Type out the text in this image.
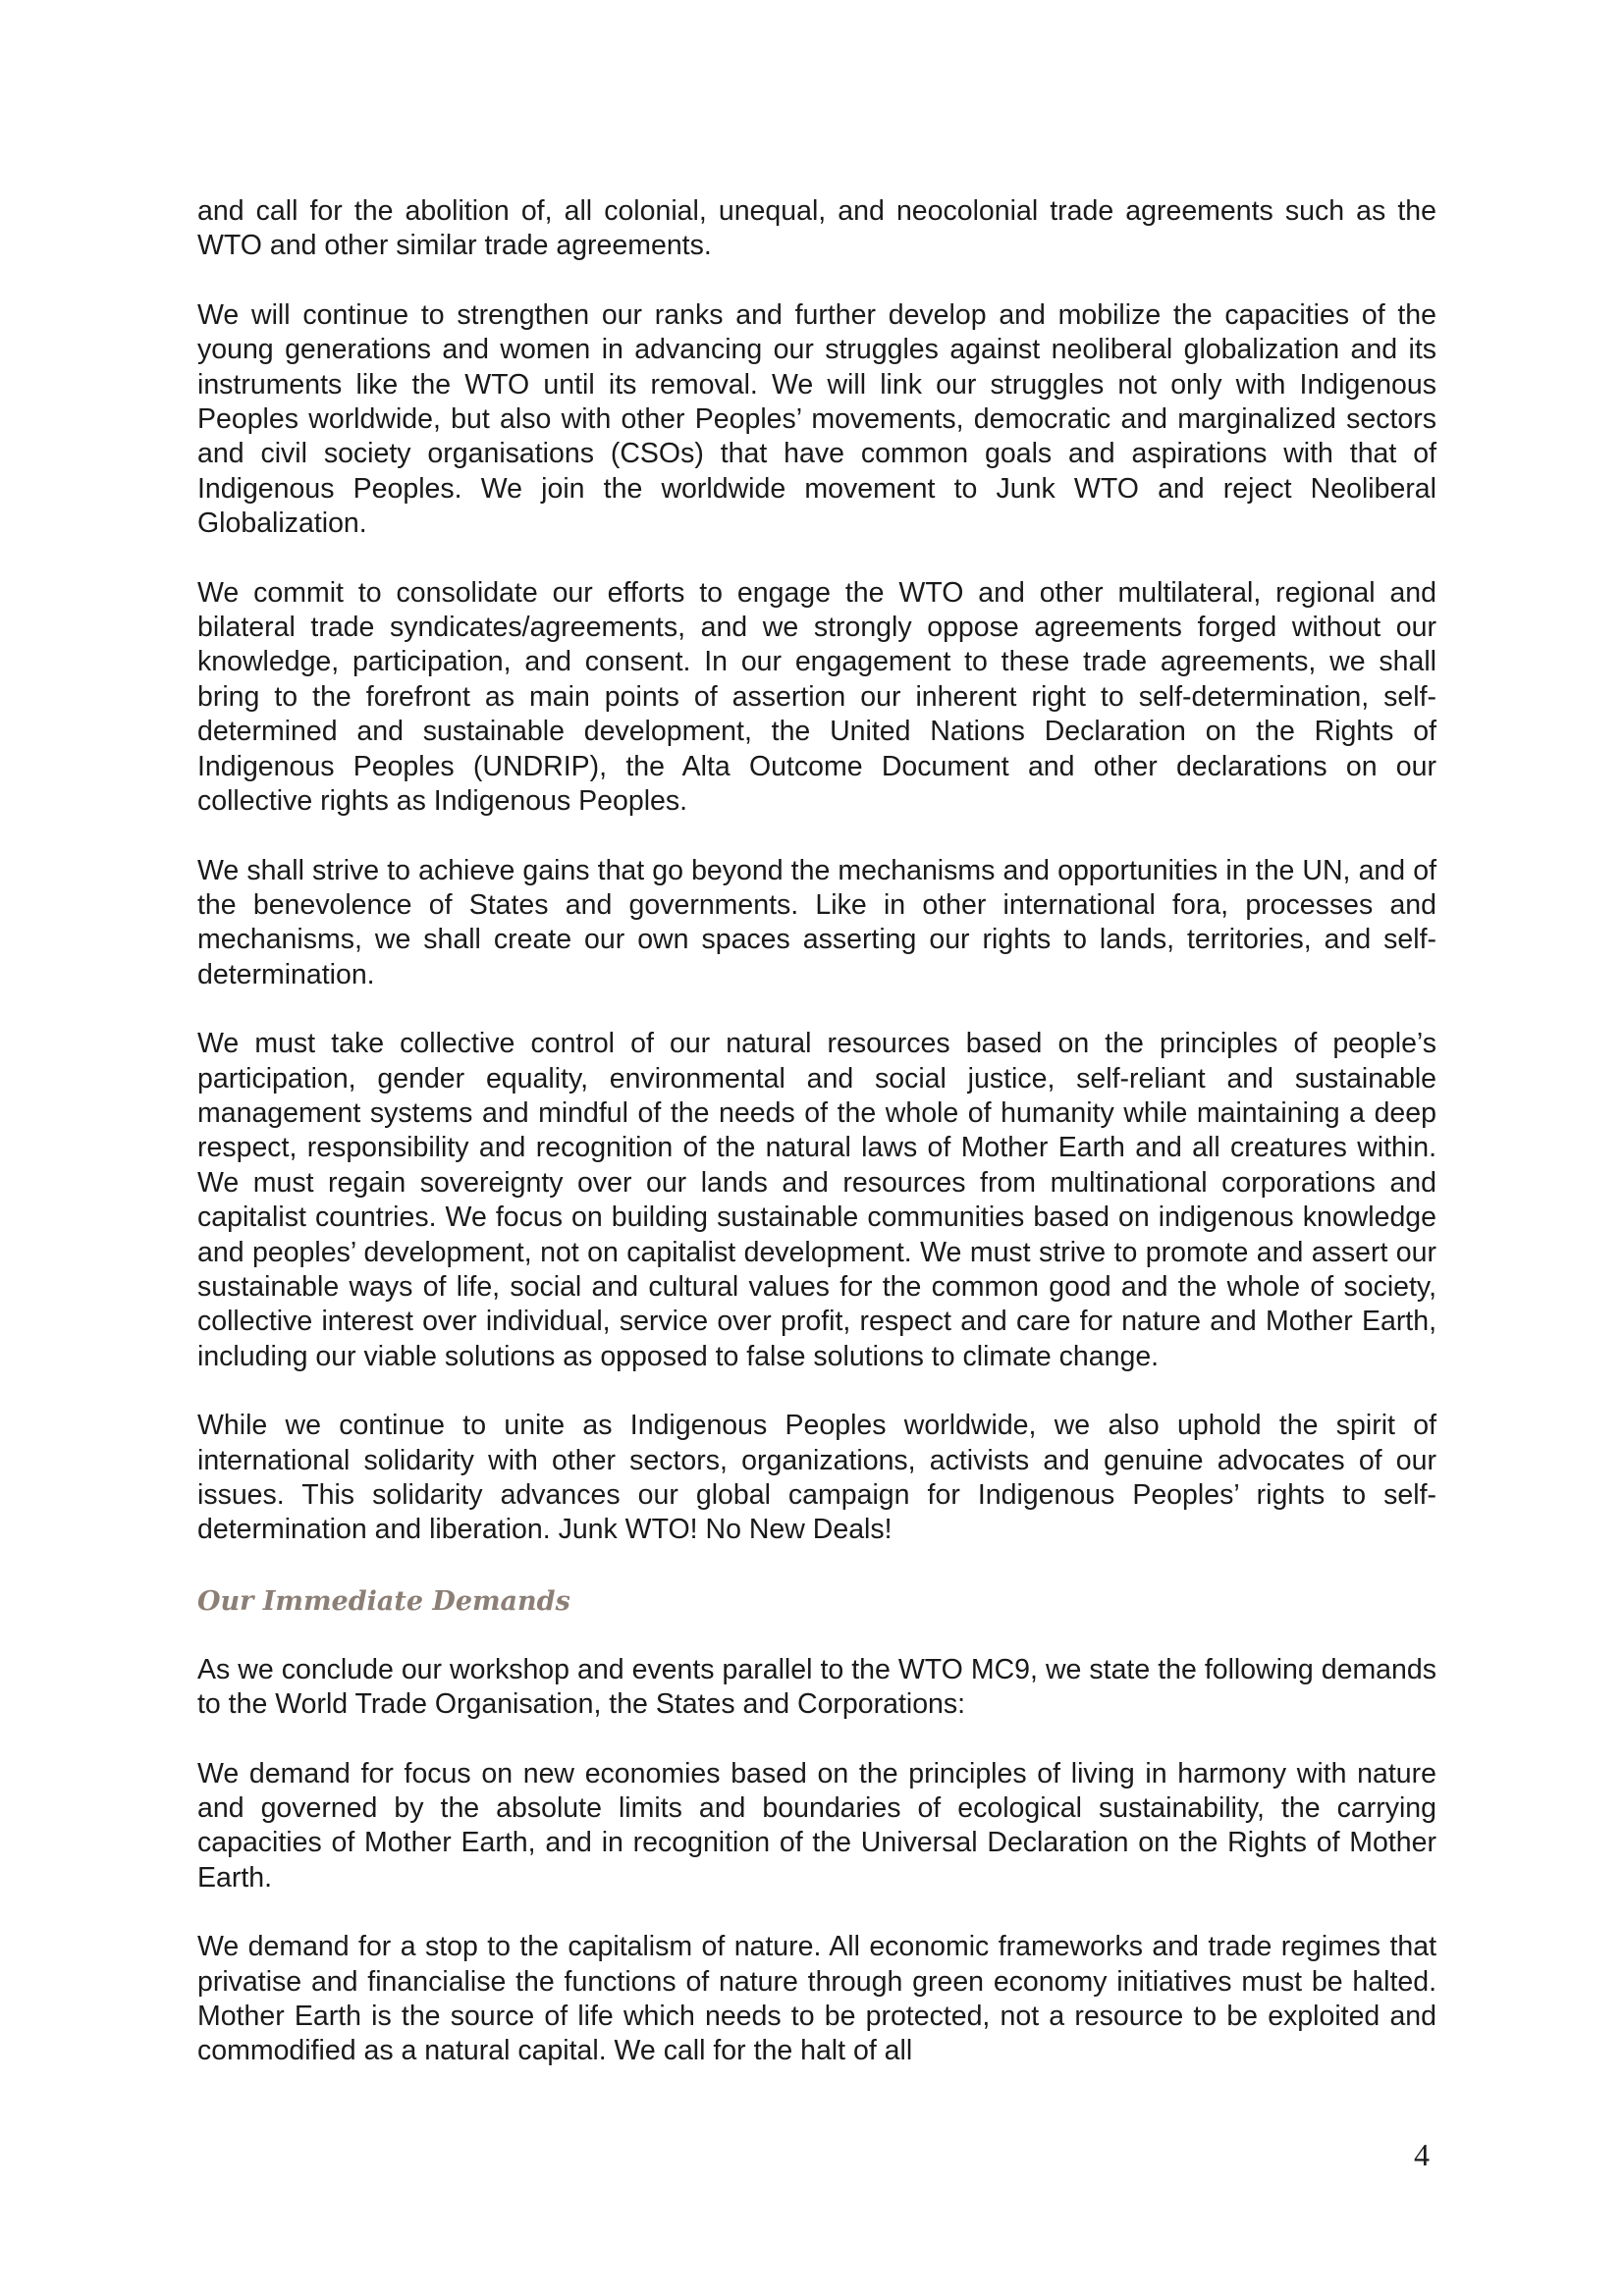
and call for the abolition of, all colonial, unequal, and neocolonial trade agreements such as the WTO and other similar trade agreements.

We will continue to strengthen our ranks and further develop and mobilize the capacities of the young generations and women in advancing our struggles against neoliberal globalization and its instruments like the WTO until its removal. We will link our struggles not only with Indigenous Peoples worldwide, but also with other Peoples’ movements, democratic and marginalized sectors and civil society organisations (CSOs) that have common goals and aspirations with that of Indigenous Peoples. We join the worldwide movement to Junk WTO and reject Neoliberal Globalization.

We commit to consolidate our efforts to engage the WTO and other multilateral, regional and bilateral trade syndicates/agreements, and we strongly oppose agreements forged without our knowledge, participation, and consent. In our engagement to these trade agreements, we shall bring to the forefront as main points of assertion our inherent right to self-determination, self-determined and sustainable development, the United Nations Declaration on the Rights of Indigenous Peoples (UNDRIP), the Alta Outcome Document and other declarations on our collective rights as Indigenous Peoples.

We shall strive to achieve gains that go beyond the mechanisms and opportunities in the UN, and of the benevolence of States and governments. Like in other international fora, processes and mechanisms, we shall create our own spaces asserting our rights to lands, territories, and self-determination.

We must take collective control of our natural resources based on the principles of people’s participation, gender equality, environmental and social justice, self-reliant and sustainable management systems and mindful of the needs of the whole of humanity while maintaining a deep respect, responsibility and recognition of the natural laws of Mother Earth and all creatures within. We must regain sovereignty over our lands and resources from multinational corporations and capitalist countries. We focus on building sustainable communities based on indigenous knowledge and peoples’ development, not on capitalist development. We must strive to promote and assert our sustainable ways of life, social and cultural values for the common good and the whole of society, collective interest over individual, service over profit, respect and care for nature and Mother Earth, including our viable solutions as opposed to false solutions to climate change.

While we continue to unite as Indigenous Peoples worldwide, we also uphold the spirit of international solidarity with other sectors, organizations, activists and genuine advocates of our issues. This solidarity advances our global campaign for Indigenous Peoples’ rights to self-determination and liberation. Junk WTO! No New Deals!

Our Immediate Demands

As we conclude our workshop and events parallel to the WTO MC9, we state the following demands to the World Trade Organisation, the States and Corporations:

We demand for focus on new economies based on the principles of living in harmony with nature and governed by the absolute limits and boundaries of ecological sustainability, the carrying capacities of Mother Earth, and in recognition of the Universal Declaration on the Rights of Mother Earth.

We demand for a stop to the capitalism of nature. All economic frameworks and trade regimes that privatise and financialise the functions of nature through green economy initiatives must be halted. Mother Earth is the source of life which needs to be protected, not a resource to be exploited and commodified as a natural capital. We call for the halt of all

4
